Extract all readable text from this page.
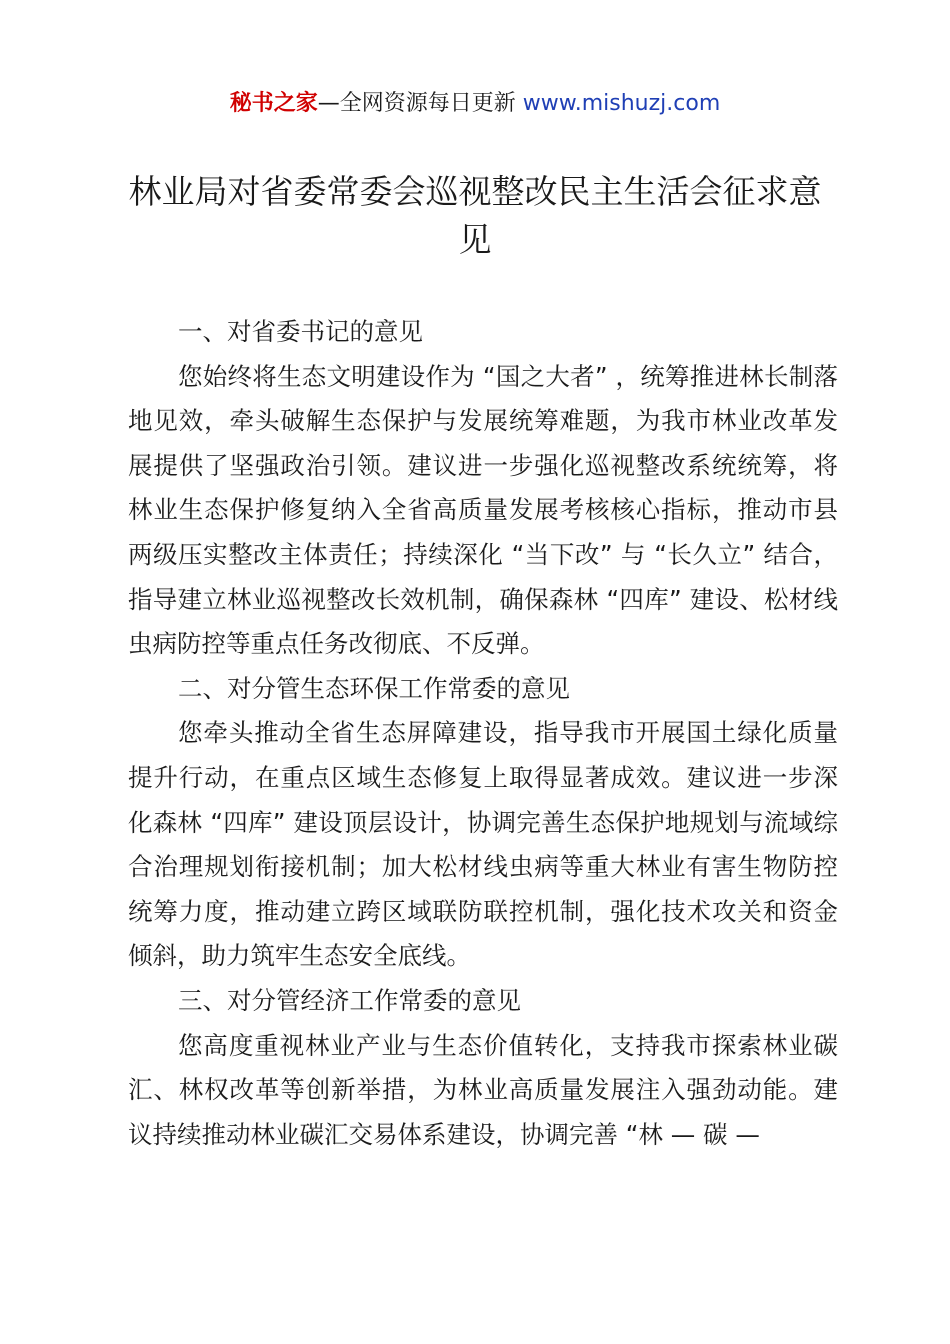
秘书之家—全网资源每日更新 www.mishuzj.com
林业局对省委常委会巡视整改民主生活会征求意见

一、对省委书记的意见

您始终将生态文明建设作为 “国之大者” ，统筹推进林长制落地见效，牵头破解生态保护与发展统筹难题，为我市林业改革发展提供了坚强政治引领。建议进一步强化巡视整改系统统筹，将林业生态保护修复纳入全省高质量发展考核核心指标，推动市县两级压实整改主体责任；持续深化 “当下改” 与 “长久立” 结合，指导建立林业巡视整改长效机制，确保森林 “四库” 建设、松材线虫病防控等重点任务改彻底、不反弹。

二、对分管生态环保工作常委的意见

您牵头推动全省生态屏障建设，指导我市开展国土绿化质量提升行动，在重点区域生态修复上取得显著成效。建议进一步深化森林 “四库” 建设顶层设计，协调完善生态保护地规划与流域综合治理规划衔接机制；加大松材线虫病等重大林业有害生物防控统筹力度，推动建立跨区域联防联控机制，强化技术攻关和资金倾斜，助力筑牢生态安全底线。

三、对分管经济工作常委的意见

您高度重视林业产业与生态价值转化，支持我市探索林业碳汇、林权改革等创新举措，为林业高质量发展注入强劲动能。建议持续推动林业碳汇交易体系建设，协调完善 “林 — 碳 —
